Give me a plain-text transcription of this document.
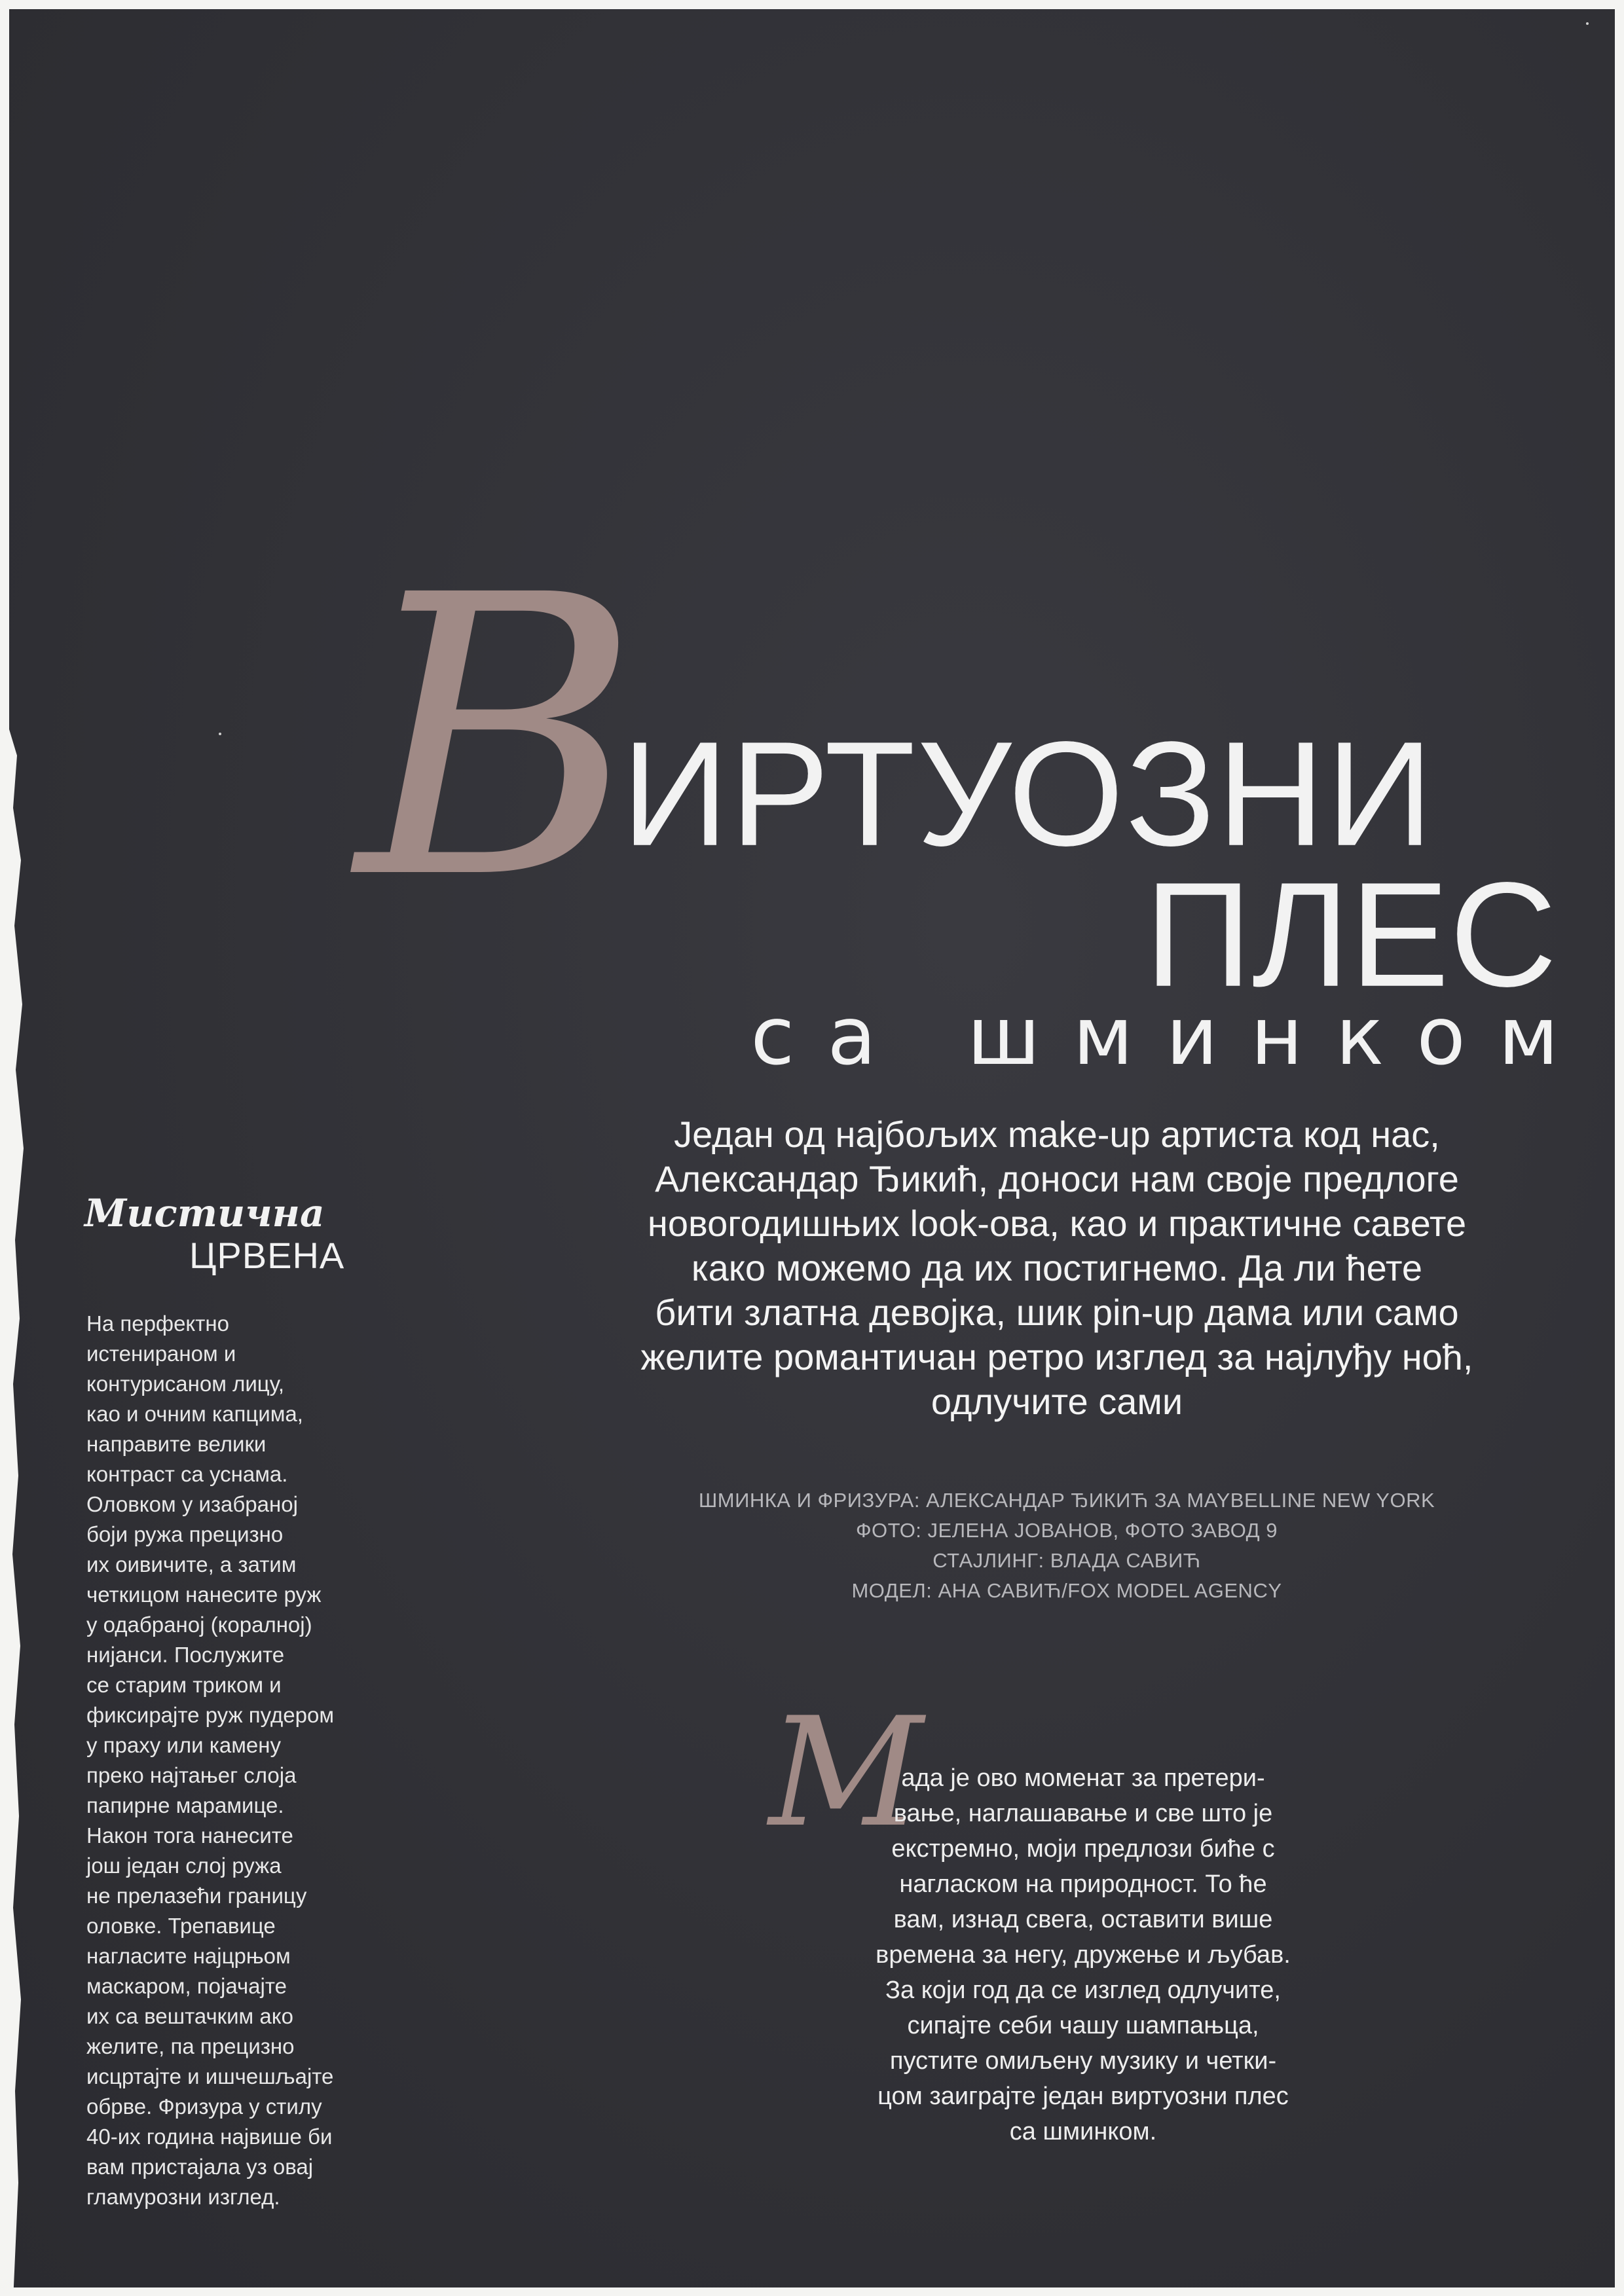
В
ИРТУОЗНИ
ПЛЕС
са шминком
Један од најбољих make-up артиста код нас,
Александар Ђикић, доноси нам своје предлоге
новогодишњих look-ова, као и практичне савете
како можемо да их постигнемо. Да ли ћете
бити златна девојка, шик pin-up дама или само
желите романтичан ретро изглед за најлуђу ноћ,
одлучите сами
ШМИНКА И ФРИЗУРА: АЛЕКСАНДАР ЂИКИЋ ЗА MAYBELLINE NEW YORK
ФОТО: ЈЕЛЕНА ЈОВАНОВ, ФОТО ЗАВОД 9
СТАЈЛИНГ: ВЛАДА САВИЋ
МОДЕЛ: АНА САВИЋ/FOX MODEL AGENCY
Мистична
ЦРВЕНА
На перфектно
истенираном и
контурисаном лицу,
као и очним капцима,
направите велики
контраст са уснама.
Оловком у изабраној
боји ружа прецизно
их оивичите, а затим
четкицом нанесите руж
у одабраној (коралној)
нијанси. Послужите
се старим триком и
фиксирајте руж пудером
у праху или камену
преко најтањег слоја
папирне марамице.
Након тога нанесите
још један слој ружа
не прелазећи границу
оловке. Трепавице
нагласите најцрњом
маскаром, појачајте
их са вештачким ако
желите, па прецизно
исцртајте и ишчешљајте
обрве. Фризура у стилу
40-их година највише би
вам пристајала уз овај
гламурозни изглед.
М
ада је ово моменат за претери-
вање, наглашавање и све што је
екстремно, моји предлози биће с
нагласком на природност. То ће
вам, изнад свега, оставити више
времена за негу, дружење и љубав.
За који год да се изглед одлучите,
сипајте себи чашу шампањца,
пустите омиљену музику и четки-
цом заиграјте један виртуозни плес
са шминком.
